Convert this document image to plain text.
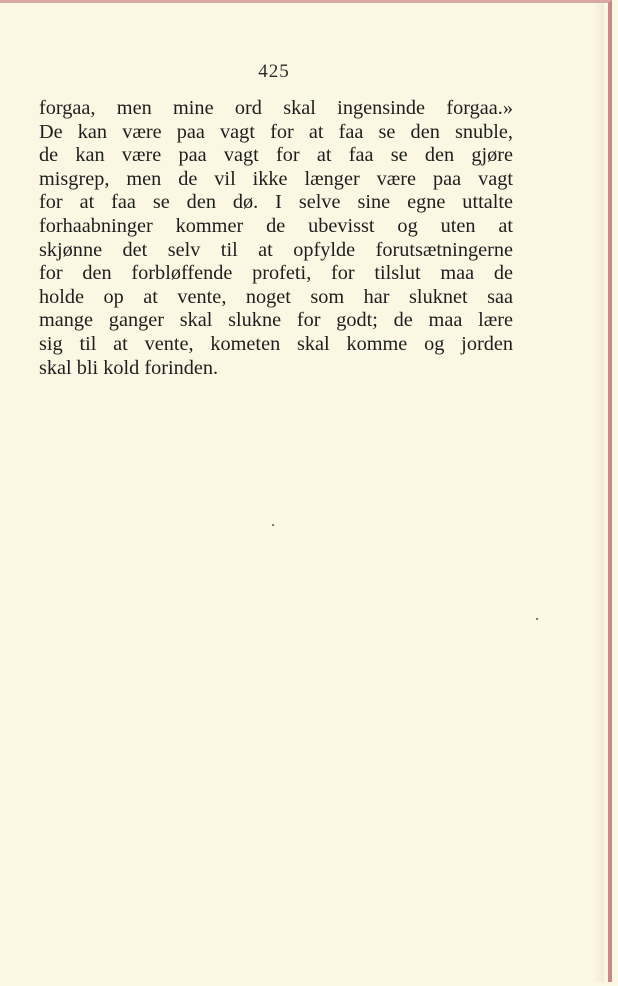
425
forgaa, men mine ord skal ingensinde forgaa.»
De kan være paa vagt for at faa se den snuble,
de kan være paa vagt for at faa se den gjøre
misgrep, men de vil ikke længer være paa vagt
for at faa se den dø. I selve sine egne uttalte
forhaabninger kommer de ubevisst og uten at
skjønne det selv til at opfylde forutsætningerne
for den forbløffende profeti, for tilslut maa de
holde op at vente, noget som har sluknet saa
mange ganger skal slukne for godt; de maa lære
sig til at vente, kometen skal komme og jorden
skal bli kold forinden.
